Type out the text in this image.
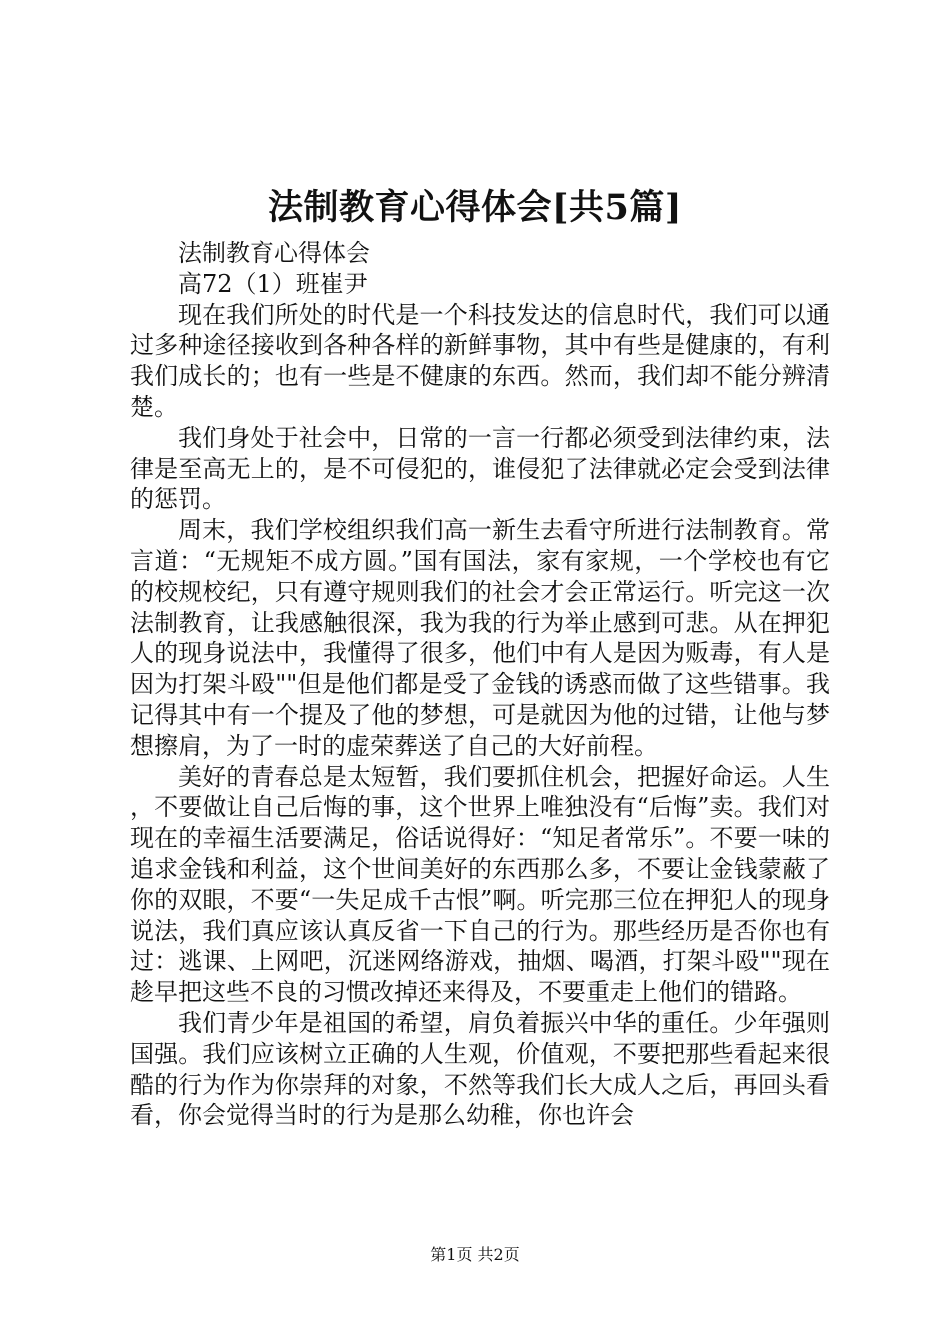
法制教育心得体会[共5篇]

法制教育心得体会

高72（1）班崔尹

现在我们所处的时代是一个科技发达的信息时代，我们可以通过多种途径接收到各种各样的新鲜事物，其中有些是健康的，有利我们成长的；也有一些是不健康的东西。然而，我们却不能分辨清楚。

我们身处于社会中，日常的一言一行都必须受到法律约束，法律是至高无上的，是不可侵犯的，谁侵犯了法律就必定会受到法律的惩罚。

周末，我们学校组织我们高一新生去看守所进行法制教育。常言道：“无规矩不成方圆。”国有国法，家有家规，一个学校也有它的校规校纪，只有遵守规则我们的社会才会正常运行。听完这一次法制教育，让我感触很深，我为我的行为举止感到可悲。从在押犯人的现身说法中，我懂得了很多，他们中有人是因为贩毒，有人是因为打架斗殴""但是他们都是受了金钱的诱惑而做了这些错事。我记得其中有一个提及了他的梦想，可是就因为他的过错，让他与梦想擦肩，为了一时的虚荣葬送了自己的大好前程。

美好的青春总是太短暂，我们要抓住机会，把握好命运。人生，不要做让自己后悔的事，这个世界上唯独没有“后悔”卖。我们对现在的幸福生活要满足，俗话说得好：“知足者常乐”。不要一味的追求金钱和利益，这个世间美好的东西那么多，不要让金钱蒙蔽了你的双眼，不要“一失足成千古恨”啊。听完那三位在押犯人的现身说法，我们真应该认真反省一下自己的行为。那些经历是否你也有过：逃课、上网吧，沉迷网络游戏，抽烟、喝酒，打架斗殴""现在趁早把这些不良的习惯改掉还来得及，不要重走上他们的错路。

我们青少年是祖国的希望，肩负着振兴中华的重任。少年强则国强。我们应该树立正确的人生观，价值观，不要把那些看起来很酷的行为作为你崇拜的对象，不然等我们长大成人之后，再回头看看，你会觉得当时的行为是那么幼稚，你也许会

第1页 共2页
